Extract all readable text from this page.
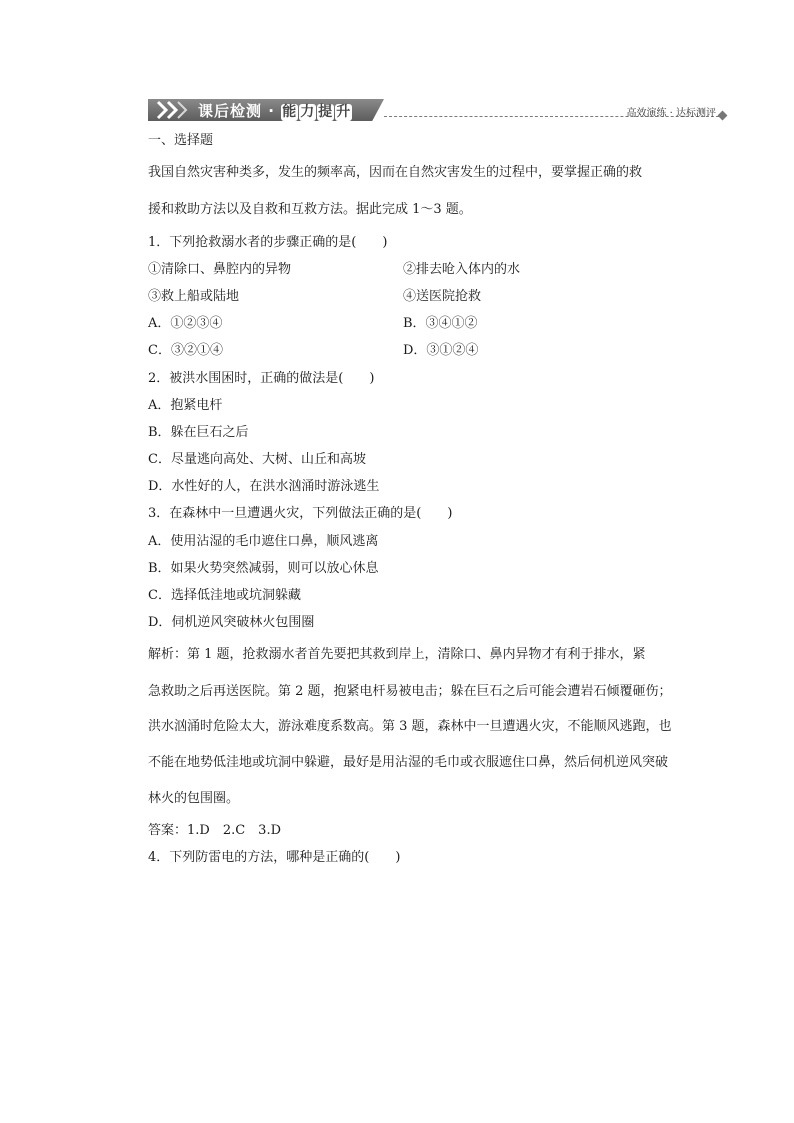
课后检测 · 能 力 提 升	高效演练 · 达标测评
一、选择题
我国自然灾害种类多，发生的频率高，因而在自然灾害发生的过程中，要掌握正确的救
援和救助方法以及自救和互救方法。据此完成 1～3 题。
1．下列抢救溺水者的步骤正确的是(　　)
①清除口、鼻腔内的异物	②排去呛入体内的水
③救上船或陆地	④送医院抢救
A．①②③④	B．③④①②
C．③②①④	D．③①②④
2．被洪水围困时，正确的做法是(　　)
A．抱紧电杆
B．躲在巨石之后
C．尽量逃向高处、大树、山丘和高坡
D．水性好的人，在洪水汹涌时游泳逃生
3．在森林中一旦遭遇火灾，下列做法正确的是(　　)
A．使用沾湿的毛巾遮住口鼻，顺风逃离
B．如果火势突然减弱，则可以放心休息
C．选择低洼地或坑洞躲藏
D．伺机逆风突破林火包围圈
解析：第 1 题，抢救溺水者首先要把其救到岸上，清除口、鼻内异物才有利于排水，紧
急救助之后再送医院。第 2 题，抱紧电杆易被电击；躲在巨石之后可能会遭岩石倾覆砸伤；
洪水汹涌时危险太大，游泳难度系数高。第 3 题，森林中一旦遭遇火灾，不能顺风逃跑，也
不能在地势低洼地或坑洞中躲避，最好是用沾湿的毛巾或衣服遮住口鼻，然后伺机逆风突破
林火的包围圈。
答案：1.D　2.C　3.D
4．下列防雷电的方法，哪种是正确的(　　)
